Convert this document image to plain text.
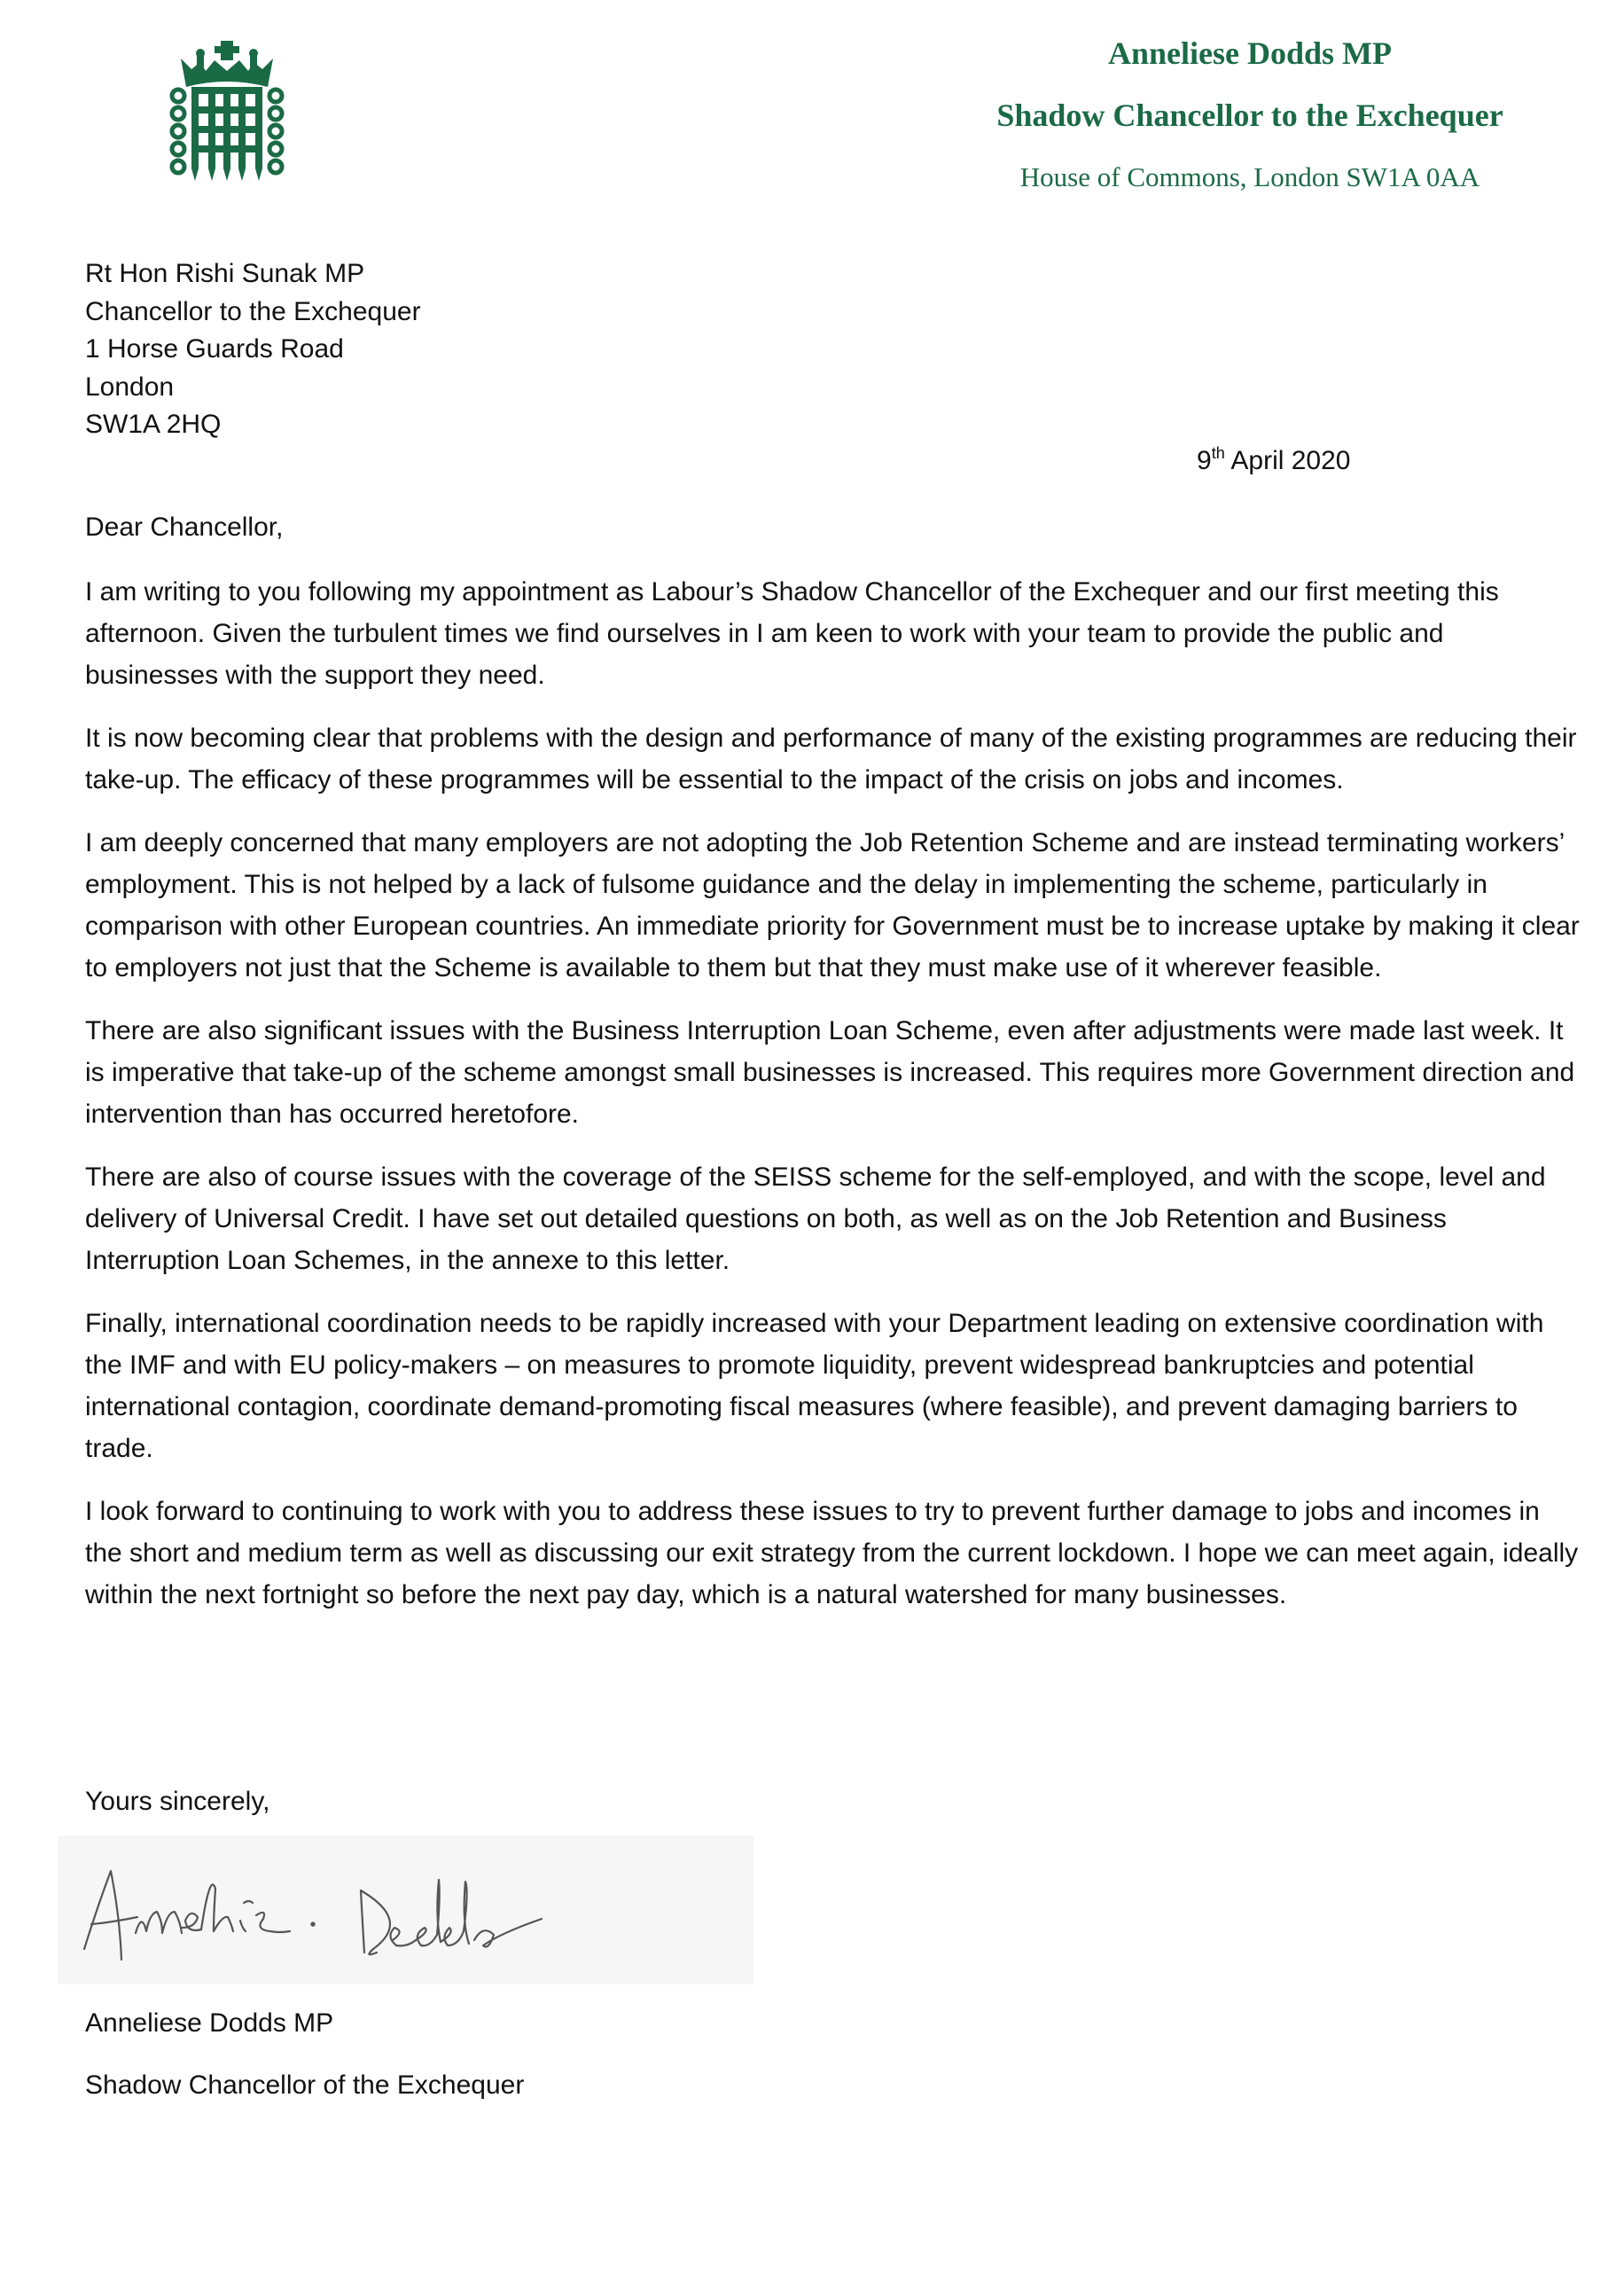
Anneliese Dodds MP
Shadow Chancellor to the Exchequer
House of Commons, London SW1A 0AA
Rt Hon Rishi Sunak MP
Chancellor to the Exchequer
1 Horse Guards Road
London
SW1A 2HQ
9th April 2020
Dear Chancellor,

I am writing to you following my appointment as Labour’s Shadow Chancellor of the Exchequer and our first meeting this afternoon. Given the turbulent times we find ourselves in I am keen to work with your team to provide the public and businesses with the support they need.

It is now becoming clear that problems with the design and performance of many of the existing programmes are reducing their take-up. The efficacy of these programmes will be essential to the impact of the crisis on jobs and incomes.

I am deeply concerned that many employers are not adopting the Job Retention Scheme and are instead terminating workers’ employment. This is not helped by a lack of fulsome guidance and the delay in implementing the scheme, particularly in comparison with other European countries. An immediate priority for Government must be to increase uptake by making it clear to employers not just that the Scheme is available to them but that they must make use of it wherever feasible.

There are also significant issues with the Business Interruption Loan Scheme, even after adjustments were made last week. It is imperative that take-up of the scheme amongst small businesses is increased. This requires more Government direction and intervention than has occurred heretofore.

There are also of course issues with the coverage of the SEISS scheme for the self-employed, and with the scope, level and delivery of Universal Credit. I have set out detailed questions on both, as well as on the Job Retention and Business Interruption Loan Schemes, in the annexe to this letter.

Finally, international coordination needs to be rapidly increased with your Department leading on extensive coordination with the IMF and with EU policy-makers – on measures to promote liquidity, prevent widespread bankruptcies and potential international contagion, coordinate demand-promoting fiscal measures (where feasible), and prevent damaging barriers to trade.

I look forward to continuing to work with you to address these issues to try to prevent further damage to jobs and incomes in the short and medium term as well as discussing our exit strategy from the current lockdown. I hope we can meet again, ideally within the next fortnight so before the next pay day, which is a natural watershed for many businesses.

Yours sincerely,
Anneliese Dodds MP
Shadow Chancellor of the Exchequer
